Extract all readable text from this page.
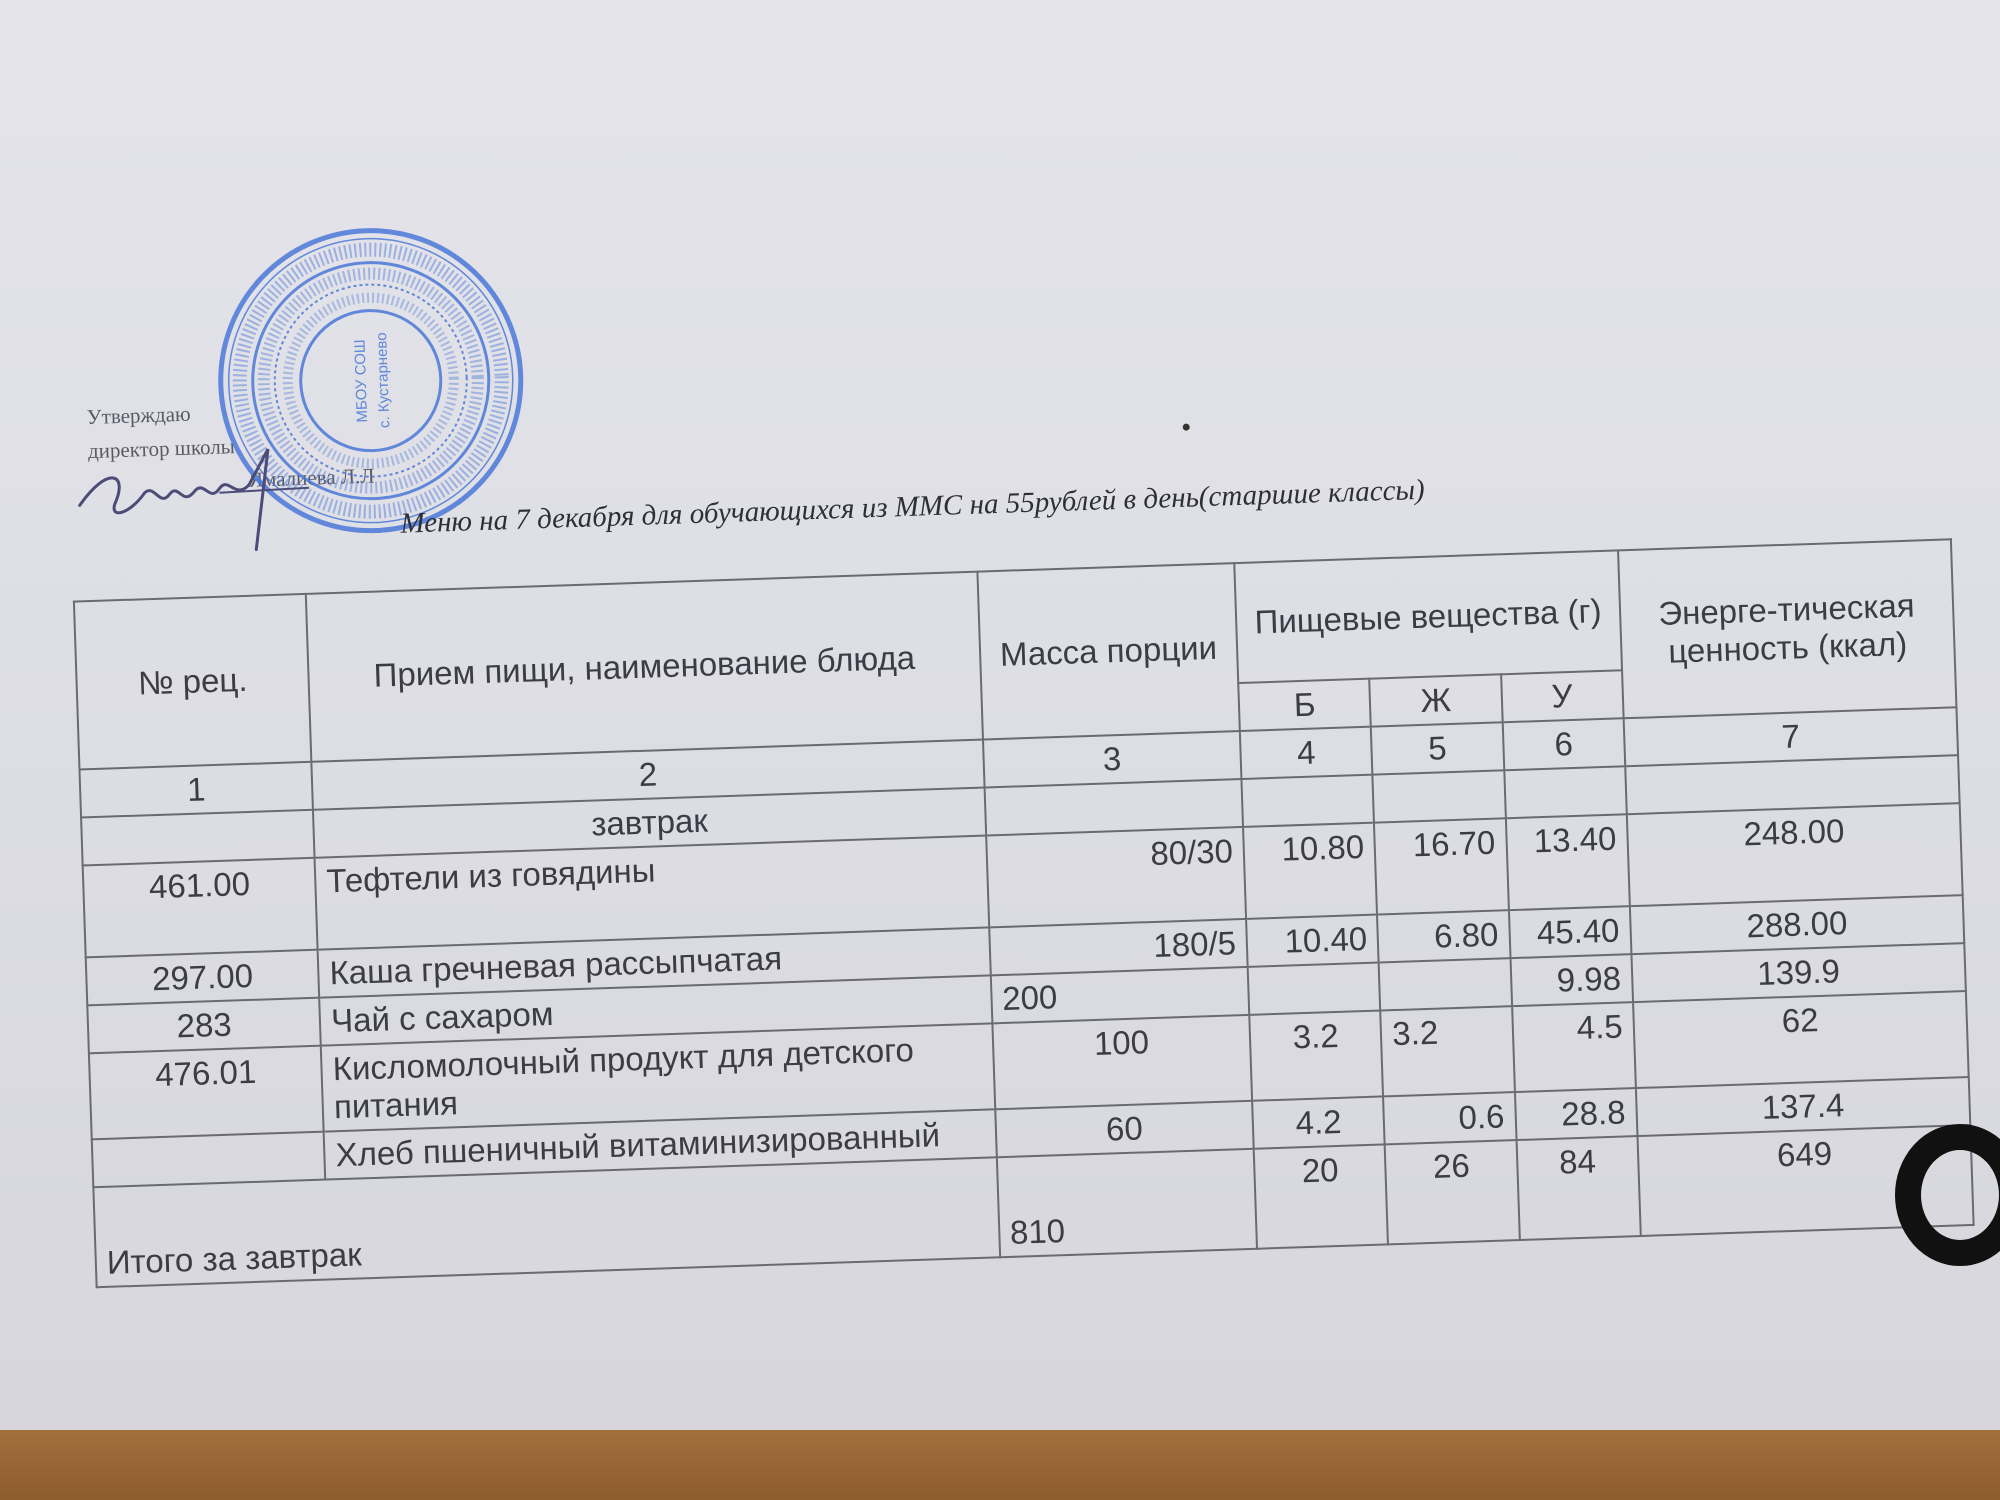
Утверждаю
директор школы
Ямалиева Л.Л
МБОУ СОШ с. Кустарнево
Меню на 7 декабря для обучающихся из ММС на 55рублей в день(старшие классы)
№ рец.	Прием пищи, наименование блюда	Масса порции	Пищевые вещества (г)			Энерге-тическая ценность (ккал)
			Б	Ж	У	
1	2	3	4	5	6	7
	завтрак					
461.00	Тефтели из говядины	80/30	10.80	16.70	13.40	248.00
297.00	Каша гречневая рассыпчатая	180/5	10.40	6.80	45.40	288.00
283	Чай с сахаром	200			9.98	139.9
476.01	Кисломолочный продукт для детского питания	100	3.2	3.2	4.5	62
	Хлеб пшеничный витаминизированный	60	4.2	0.6	28.8	137.4
Итого за завтрак		810	20	26	84	649
